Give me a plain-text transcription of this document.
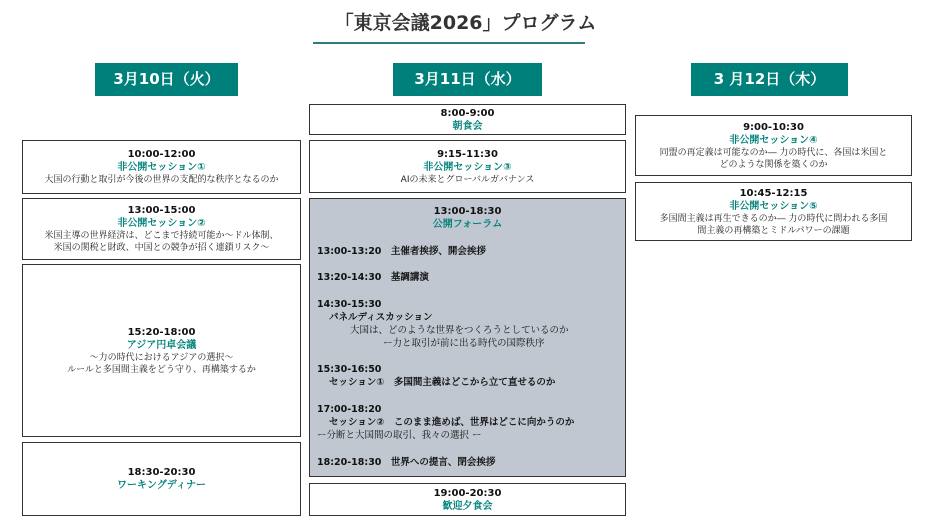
「東京会議2026」プログラム
3月10日（火）	3月11日（水）	3 月12日（木）
10:00-12:00
非公開セッション①
大国の行動と取引が今後の世界の支配的な秩序となるのか
13:00-15:00
非公開セッション②
米国主導の世界経済は、どこまで持続可能か～ドル体制、
米国の関税と財政、中国との競争が招く連鎖リスク～
15:20-18:00
アジア円卓会議
～力の時代におけるアジアの選択～
ルールと多国間主義をどう守り、再構築するか
18:30-20:30
ワーキングディナー
8:00-9:00
朝食会
9:15-11:30
非公開セッション③
AIの未来とグローバルガバナンス
13:00-18:30
公開フォーラム
13:00-13:20　主催者挨拶、開会挨拶
13:20-14:30　基調講演
14:30-15:30
パネルディスカッション
大国は、どのような世界をつくろうとしているのか
ー力と取引が前に出る時代の国際秩序
15:30-16:50
セッション①　多国間主義はどこから立て直せるのか
17:00-18:20
セッション②　このまま進めば、世界はどこに向かうのか
ー分断と大国間の取引、我々の選択 ー
18:20-18:30　世界への提言、閉会挨拶
19:00-20:30
歓迎夕食会
9:00-10:30
非公開セッション④
同盟の再定義は可能なのか― 力の時代に、各国は米国と
どのような関係を築くのか
10:45-12:15
非公開セッション⑤
多国間主義は再生できるのか― 力の時代に問われる多国
間主義の再構築とミドルパワーの課題
